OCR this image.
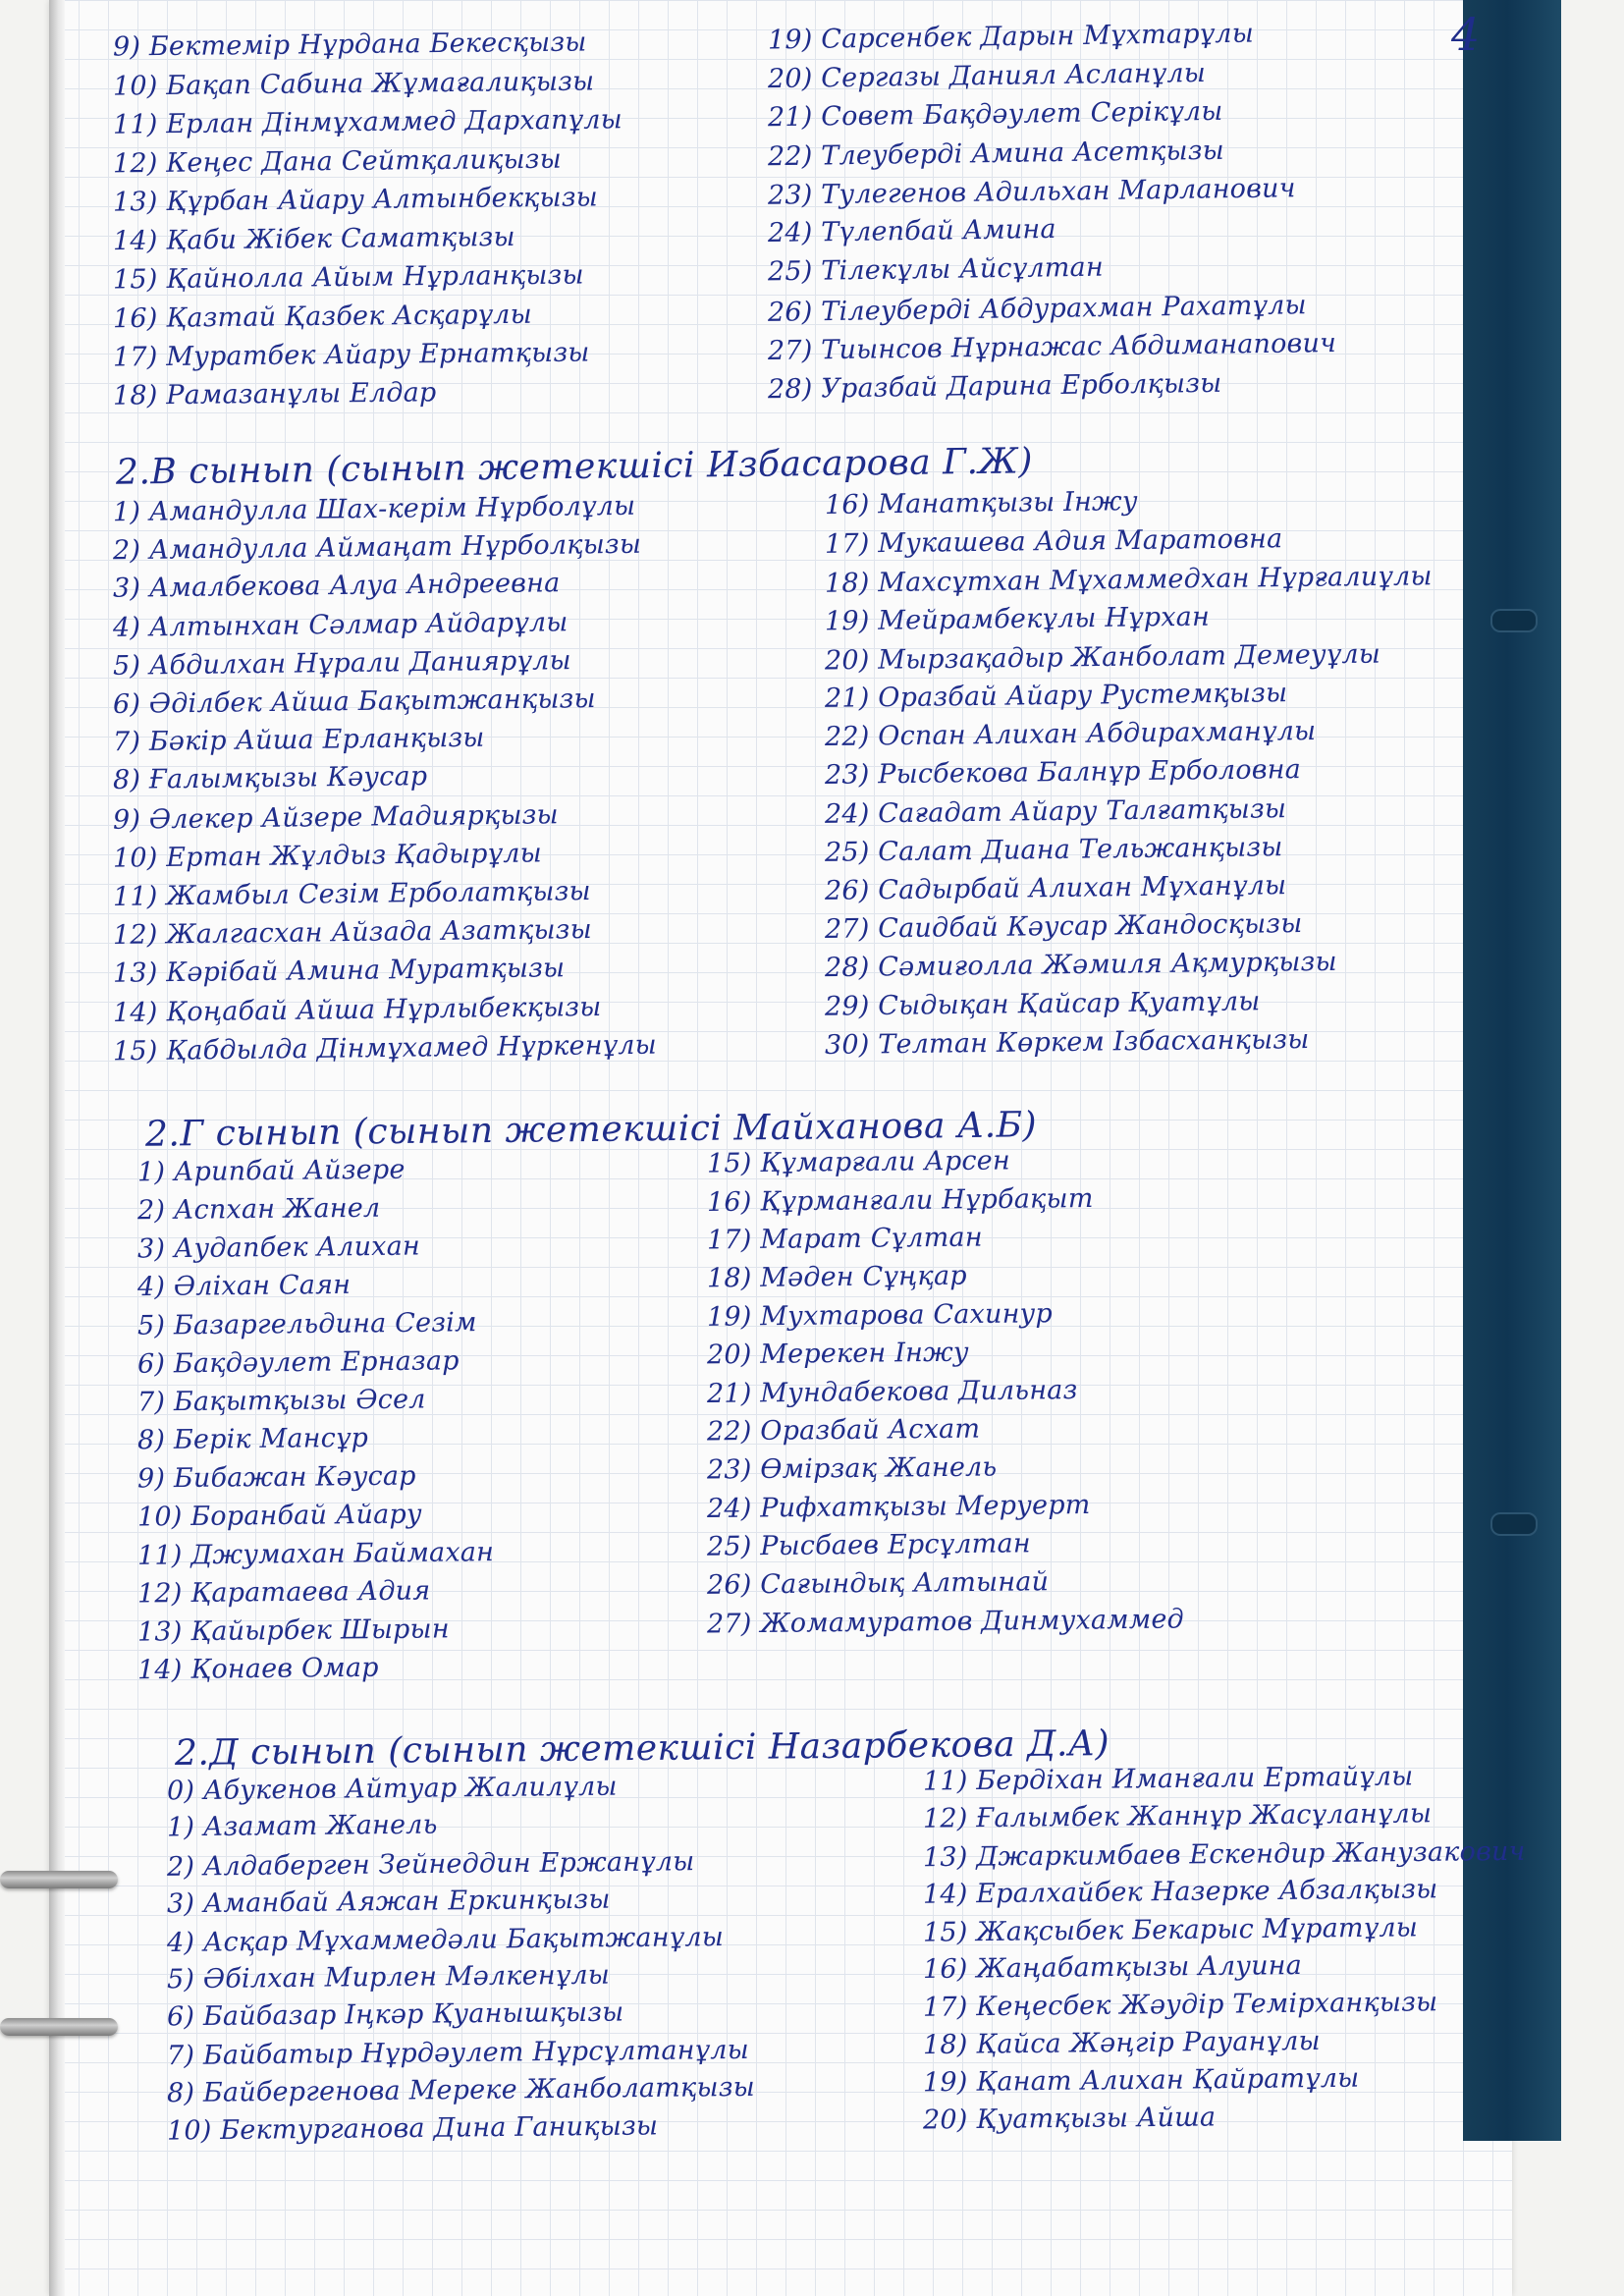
4
9) Бектемір Нұрдана Бекесқызы
10) Бақап Сабина Жұмағалиқызы
11) Ерлан Дінмұхаммед Дархапұлы
12) Кеңес Дана Сейтқалиқызы
13) Құрбан Айару Алтынбекқызы
14) Қаби Жібек Саматқызы
15) Қайнолла Айым Нұрланқызы
16) Қазтай Қазбек Асқарұлы
17) Муратбек Айару Ернатқызы
18) Рамазанұлы Елдар
19) Сарсенбек Дарын Мұхтарұлы
20) Сергазы Даниял Асланұлы
21) Совет Бақдәулет Серікұлы
22) Тлеуберді Амина Асетқызы
23) Тулегенов Адильхан Марланович
24) Түлепбай Амина
25) Тілекұлы Айсұлтан
26) Тілеуберді Абдурахман Рахатұлы
27) Тиынсов Нұрнажас Абдиманапович
28) Уразбай Дарина Ерболқызы
2.В сынып (сынып жетекшісі Избасарова Г.Ж)
1) Амандулла Шах-керім Нұрболұлы
2) Амандулла Аймаңат Нұрболқызы
3) Амалбекова Алуа Андреевна
4) Алтынхан Сәлмар Айдарұлы
5) Абдилхан Нұрали Даниярұлы
6) Әділбек Айша Бақытжанқызы
7) Бәкір Айша Ерланқызы
8) Ғалымқызы Кәусар
9) Әлекер Айзере Мадиярқызы
10) Ертан Жұлдыз Қадырұлы
11) Жамбыл Сезім Ерболатқызы
12) Жалгасхан Айзада Азатқызы
13) Кәрібай Амина Муратқызы
14) Қоңабай Айша Нұрлыбекқызы
15) Қабдылда Дінмұхамед Нұркенұлы
16) Манатқызы Інжу
17) Мукашева Адия Маратовна
18) Махсұтхан Мұхаммедхан Нұрғалиұлы
19) Мейрамбекұлы Нұрхан
20) Мырзақадыр Жанболат Демеуұлы
21) Оразбай Айару Рустемқызы
22) Оспан Алихан Абдирахманұлы
23) Рысбекова Балнұр Ерболовна
24) Сағадат Айару Талғатқызы
25) Салат Диана Тельжанқызы
26) Садырбай Алихан Мұханұлы
27) Саидбай Кәусар Жандосқызы
28) Сәмиғолла Жәмиля Ақмурқызы
29) Сыдықан Қайсар Қуатұлы
30) Телтан Көркем Ізбасханқызы
2.Г сынып (сынып жетекшісі Майханова А.Б)
1) Арипбай Айзере
2) Аспхан Жанел
3) Аудапбек Алихан
4) Әліхан Саян
5) Базаргельдина Сезім
6) Бақдәулет Ерназар
7) Бақытқызы Әсел
8) Берік Мансұр
9) Бибажан Кәусар
10) Боранбай Айару
11) Джумахан Баймахан
12) Қаратаева Адия
13) Қайырбек Шырын
14) Қонаев Омар
15) Құмарғали Арсен
16) Құрманғали Нұрбақыт
17) Марат Сұлтан
18) Мәден Сұңқар
19) Мухтарова Сахинур
20) Мерекен Інжу
21) Мундабекова Дильназ
22) Оразбай Асхат
23) Өмірзақ Жанель
24) Рифхатқызы Меруерт
25) Рысбаев Ерсұлтан
26) Сағындық Алтынай
27) Жомамуратов Динмухаммед
2.Д сынып (сынып жетекшісі Назарбекова Д.А)
0) Абукенов Айтуар Жалилұлы
1) Азамат Жанель
2) Алдаберген Зейнеддин Ержанұлы
3) Аманбай Аяжан Еркинқызы
4) Асқар Мұхаммедәли Бақытжанұлы
5) Әбілхан Мирлен Мәлкенұлы
6) Байбазар Іңкәр Қуанышқызы
7) Байбатыр Нұрдәулет Нұрсұлтанұлы
8) Байбергенова Мереке Жанболатқызы
10) Бектурганова Дина Ганиқызы
11) Бердіхан Иманғали Ертайұлы
12) Ғалымбек Жаннұр Жасұланұлы
13) Джаркимбаев Ескендир Жанузакович
14) Ералхайбек Назерке Абзалқызы
15) Жақсыбек Бекарыс Мұратұлы
16) Жаңабатқызы Алуина
17) Кеңесбек Жәудір Темірханқызы
18) Қайса Жәңгір Рауанұлы
19) Қанат Алихан Қайратұлы
20) Қуатқызы Айша
